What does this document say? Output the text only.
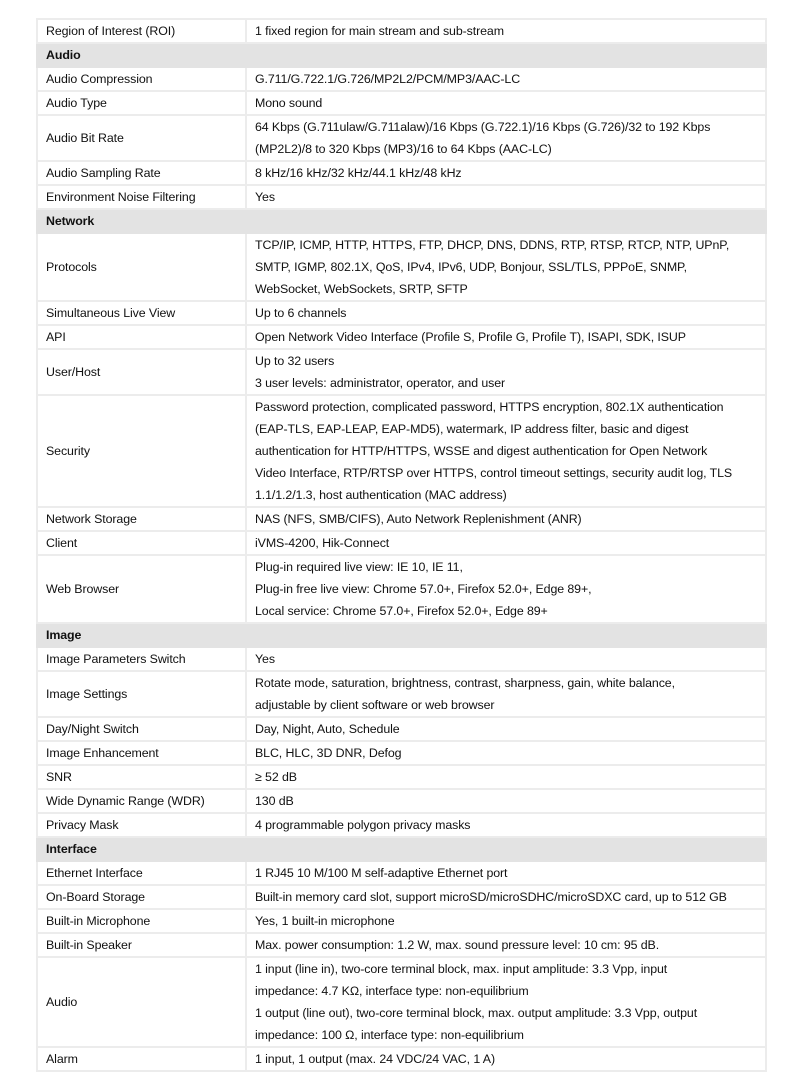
Region of Interest (ROI)	1 fixed region for main stream and sub-stream

Audio	
Audio Compression	G.711/G.722.1/G.726/MP2L2/PCM/MP3/AAC-LC

Audio Type	Mono sound

Audio Bit Rate	64 Kbps (G.711ulaw/G.711alaw)/16 Kbps (G.722.1)/16 Kbps (G.726)/32 to 192 Kbps
(MP2L2)/8 to 320 Kbps (MP3)/16 to 64 Kbps (AAC-LC)

Audio Sampling Rate	8 kHz/16 kHz/32 kHz/44.1 kHz/48 kHz

Environment Noise Filtering	Yes

Network	
Protocols	TCP/IP, ICMP, HTTP, HTTPS, FTP, DHCP, DNS, DDNS, RTP, RTSP, RTCP, NTP, UPnP,
SMTP, IGMP, 802.1X, QoS, IPv4, IPv6, UDP, Bonjour, SSL/TLS, PPPoE, SNMP,
WebSocket, WebSockets, SRTP, SFTP

Simultaneous Live View	Up to 6 channels

API	Open Network Video Interface (Profile S, Profile G, Profile T), ISAPI, SDK, ISUP

User/Host	Up to 32 users
3 user levels: administrator, operator, and user

Security	Password protection, complicated password, HTTPS encryption, 802.1X authentication
(EAP-TLS, EAP-LEAP, EAP-MD5), watermark, IP address filter, basic and digest
authentication for HTTP/HTTPS, WSSE and digest authentication for Open Network
Video Interface, RTP/RTSP over HTTPS, control timeout settings, security audit log, TLS
1.1/1.2/1.3, host authentication (MAC address)

Network Storage	NAS (NFS, SMB/CIFS), Auto Network Replenishment (ANR)

Client	iVMS-4200, Hik-Connect

Web Browser	Plug-in required live view: IE 10, IE 11,
Plug-in free live view: Chrome 57.0+, Firefox 52.0+, Edge 89+,
Local service: Chrome 57.0+, Firefox 52.0+, Edge 89+

Image	
Image Parameters Switch	Yes

Image Settings	Rotate mode, saturation, brightness, contrast, sharpness, gain, white balance,
adjustable by client software or web browser

Day/Night Switch	Day, Night, Auto, Schedule

Image Enhancement	BLC, HLC, 3D DNR, Defog

SNR	≥ 52 dB

Wide Dynamic Range (WDR)	130 dB

Privacy Mask	4 programmable polygon privacy masks

Interface	
Ethernet Interface	1 RJ45 10 M/100 M self-adaptive Ethernet port

On-Board Storage	Built-in memory card slot, support microSD/microSDHC/microSDXC card, up to 512 GB

Built-in Microphone	Yes, 1 built-in microphone

Built-in Speaker	Max. power consumption: 1.2 W, max. sound pressure level: 10 cm: 95 dB.

Audio	1 input (line in), two-core terminal block, max. input amplitude: 3.3 Vpp, input
impedance: 4.7 KΩ, interface type: non-equilibrium
1 output (line out), two-core terminal block, max. output amplitude: 3.3 Vpp, output
impedance: 100 Ω, interface type: non-equilibrium

Alarm	1 input, 1 output (max. 24 VDC/24 VAC, 1 A)
